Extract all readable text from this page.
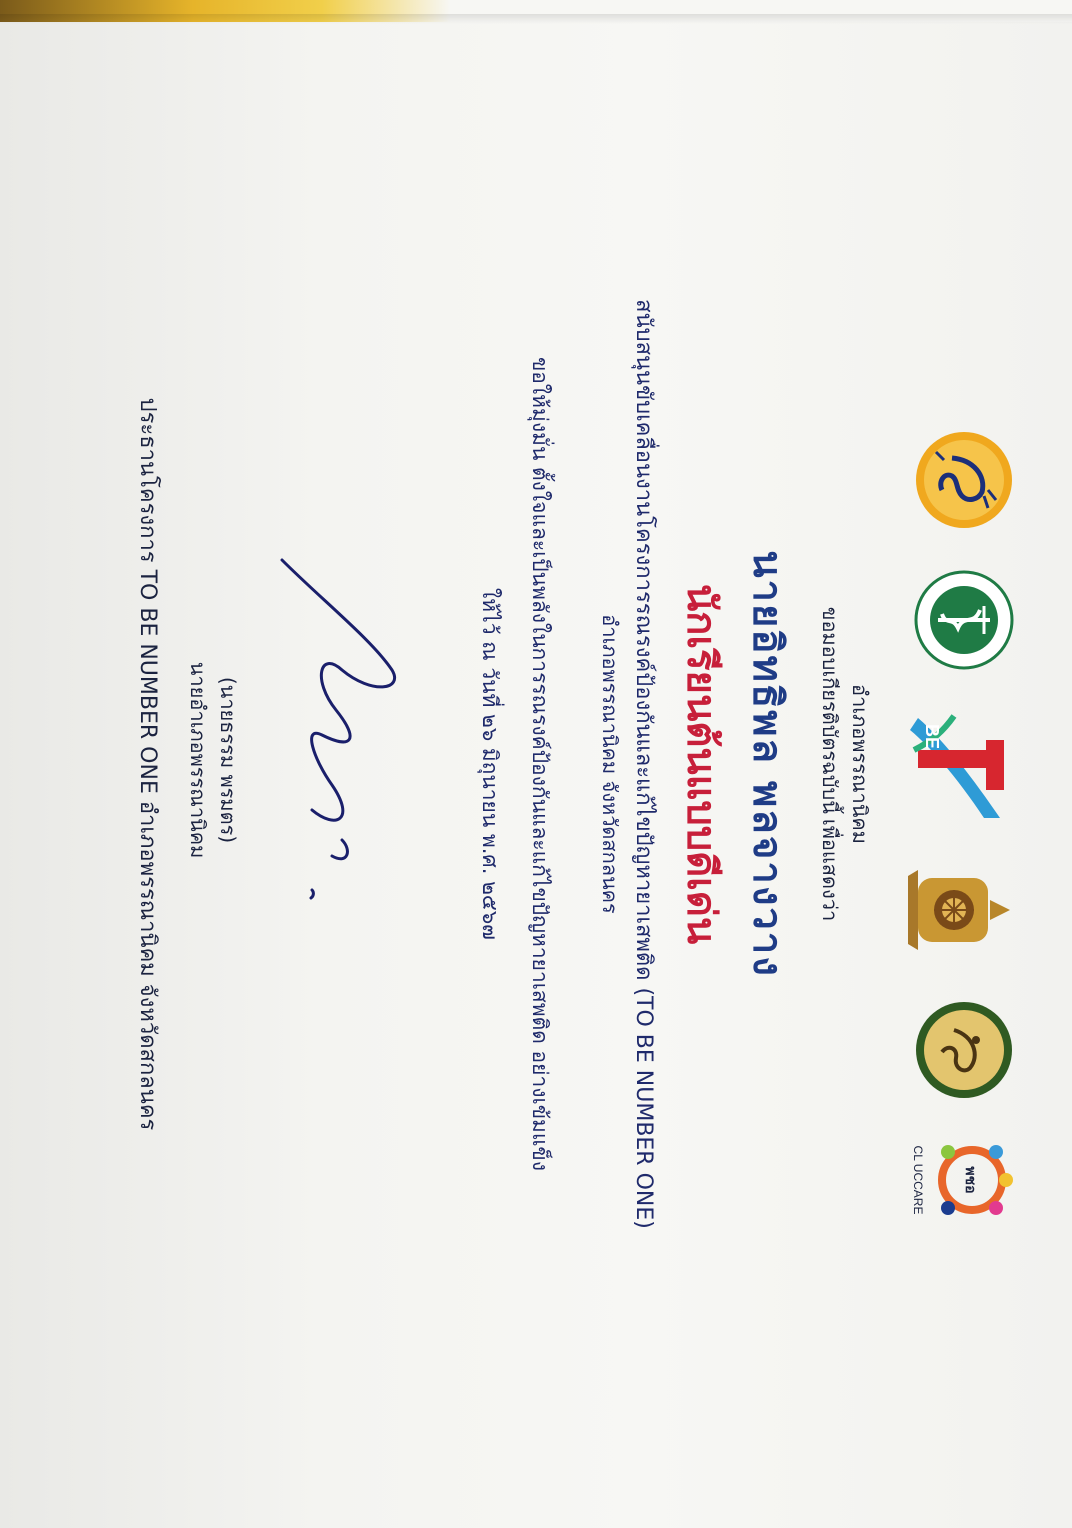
BE
พชอ
CL UCCARE
อำเภอพรรณานิคม
ขอมอบเกียรติบัตรฉบับนี้ เพื่อแสดงว่า
นายอิทธิพล พลจางวาง
นักเรียนต้นแบบดีเด่น
สนับสนุนขับเคลื่อนงานโครงการรณรงค์ป้องกันและแก้ไขปัญหายาเสพติด (TO BE NUMBER ONE)
อำเภอพรรณานิคม จังหวัดสกลนคร
ขอให้มุ่งมั่น ตั้งใจและเป็นพลังในการรณรงค์ป้องกันและแก้ไขปัญหายาเสพติด อย่างเข้มแข็ง
ให้ไว้ ณ วันที่ ๒๖ มิถุนายน พ.ศ. ๒๕๖๗
(นายธรรม พรมตร)
นายอำเภอพรรณานิคม
ประธานโครงการ TO BE NUMBER ONE อำเภอพรรณานิคม จังหวัดสกลนคร
